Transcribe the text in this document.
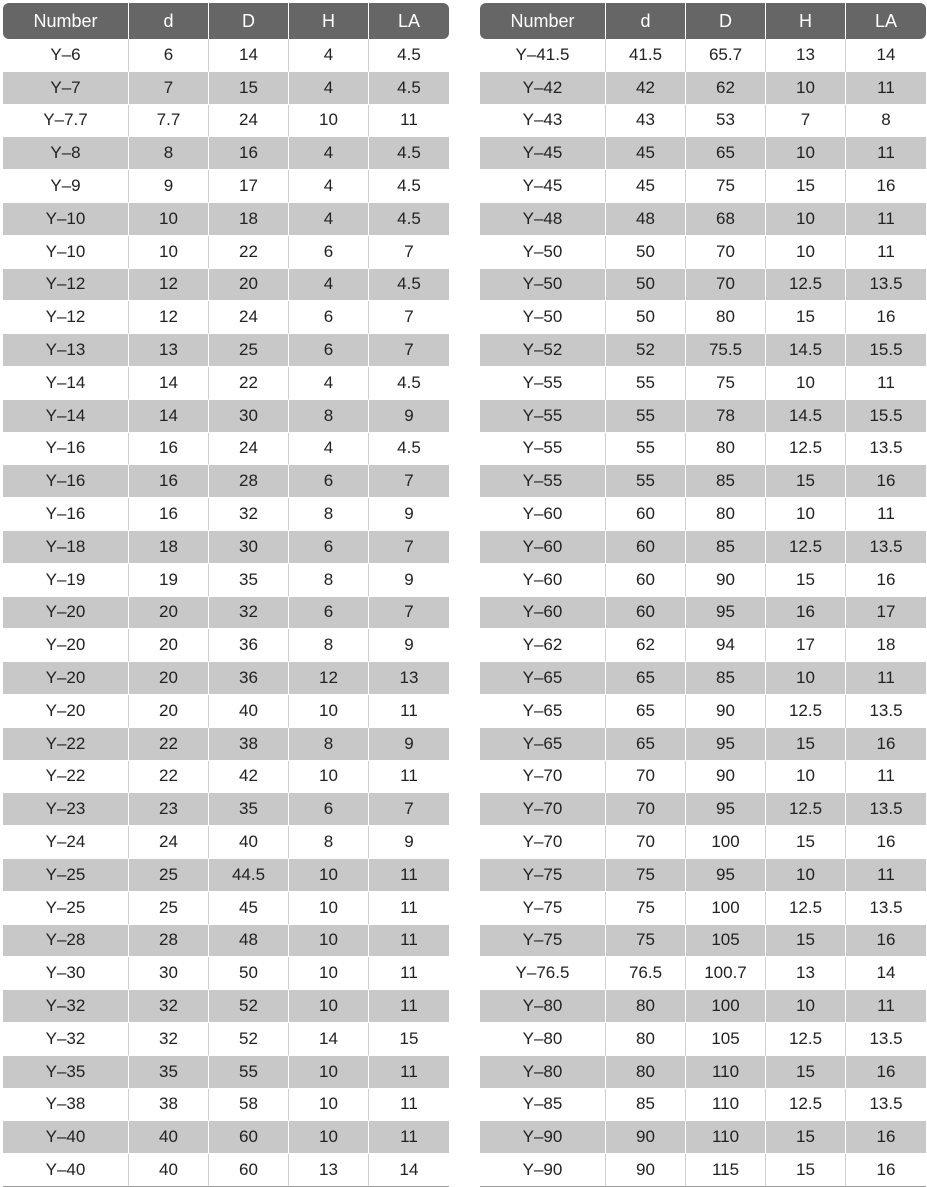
Number	d	D	H	LA
Y–6	6	14	4	4.5
Y–7	7	15	4	4.5
Y–7.7	7.7	24	10	11
Y–8	8	16	4	4.5
Y–9	9	17	4	4.5
Y–10	10	18	4	4.5
Y–10	10	22	6	7
Y–12	12	20	4	4.5
Y–12	12	24	6	7
Y–13	13	25	6	7
Y–14	14	22	4	4.5
Y–14	14	30	8	9
Y–16	16	24	4	4.5
Y–16	16	28	6	7
Y–16	16	32	8	9
Y–18	18	30	6	7
Y–19	19	35	8	9
Y–20	20	32	6	7
Y–20	20	36	8	9
Y–20	20	36	12	13
Y–20	20	40	10	11
Y–22	22	38	8	9
Y–22	22	42	10	11
Y–23	23	35	6	7
Y–24	24	40	8	9
Y–25	25	44.5	10	11
Y–25	25	45	10	11
Y–28	28	48	10	11
Y–30	30	50	10	11
Y–32	32	52	10	11
Y–32	32	52	14	15
Y–35	35	55	10	11
Y–38	38	58	10	11
Y–40	40	60	10	11
Y–40	40	60	13	14
Number	d	D	H	LA
Y–41.5	41.5	65.7	13	14
Y–42	42	62	10	11
Y–43	43	53	7	8
Y–45	45	65	10	11
Y–45	45	75	15	16
Y–48	48	68	10	11
Y–50	50	70	10	11
Y–50	50	70	12.5	13.5
Y–50	50	80	15	16
Y–52	52	75.5	14.5	15.5
Y–55	55	75	10	11
Y–55	55	78	14.5	15.5
Y–55	55	80	12.5	13.5
Y–55	55	85	15	16
Y–60	60	80	10	11
Y–60	60	85	12.5	13.5
Y–60	60	90	15	16
Y–60	60	95	16	17
Y–62	62	94	17	18
Y–65	65	85	10	11
Y–65	65	90	12.5	13.5
Y–65	65	95	15	16
Y–70	70	90	10	11
Y–70	70	95	12.5	13.5
Y–70	70	100	15	16
Y–75	75	95	10	11
Y–75	75	100	12.5	13.5
Y–75	75	105	15	16
Y–76.5	76.5	100.7	13	14
Y–80	80	100	10	11
Y–80	80	105	12.5	13.5
Y–80	80	110	15	16
Y–85	85	110	12.5	13.5
Y–90	90	110	15	16
Y–90	90	115	15	16
